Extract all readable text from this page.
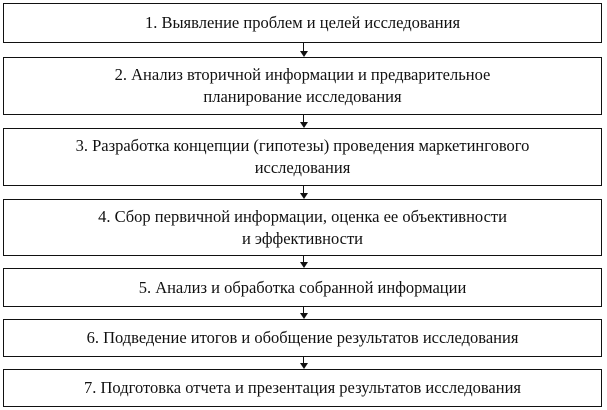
1. Выявление проблем и целей исследования
2. Анализ вторичной информации и предварительное
планирование исследования
3. Разработка концепции (гипотезы) проведения маркетингового
исследования
4. Сбор первичной информации, оценка ее объективности
и эффективности
5. Анализ и обработка собранной информации
6. Подведение итогов и обобщение результатов исследования
7. Подготовка отчета и презентация результатов исследования
